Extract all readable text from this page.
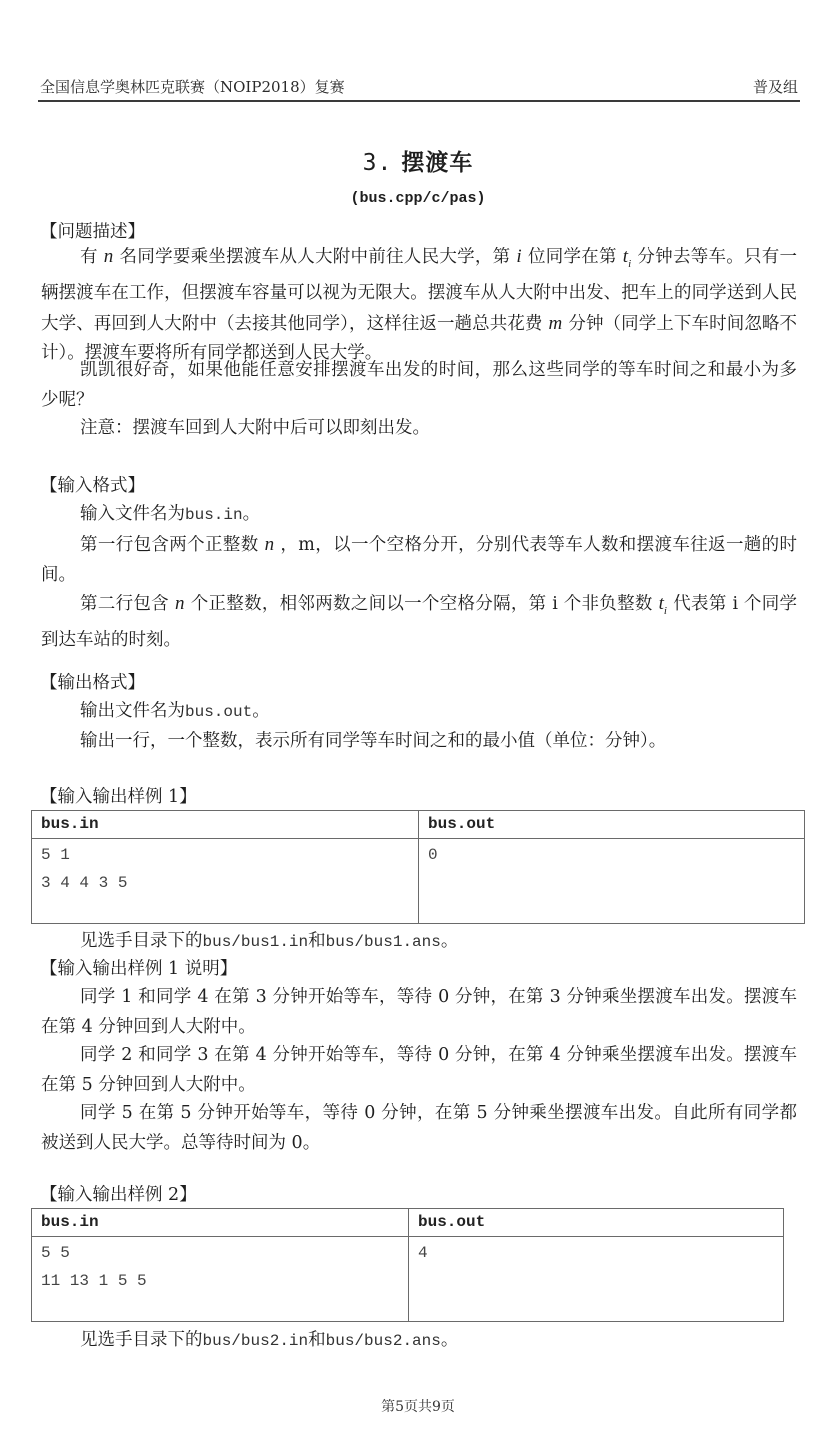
全国信息学奥林匹克联赛（NOIP2018）复赛	普及组
3. 摆渡车
(bus.cpp/c/pas)
【问题描述】
有 n 名同学要乘坐摆渡车从人大附中前往人民大学，第 i 位同学在第 $t_i$ 分钟去等车。只有一辆摆渡车在工作，但摆渡车容量可以视为无限大。摆渡车从人大附中出发、把车上的同学送到人民大学、再回到人大附中（去接其他同学），这样往返一趟总共花费 m 分钟（同学上下车时间忽略不计）。摆渡车要将所有同学都送到人民大学。
凯凯很好奇，如果他能任意安排摆渡车出发的时间，那么这些同学的等车时间之和最小为多少呢？
注意：摆渡车回到人大附中后可以即刻出发。
【输入格式】
输入文件名为bus.in。
第一行包含两个正整数 n ，m，以一个空格分开，分别代表等车人数和摆渡车往返一趟的时间。
第二行包含 n 个正整数，相邻两数之间以一个空格分隔，第 i 个非负整数 $t_i$ 代表第 i 个同学到达车站的时刻。
【输出格式】
输出文件名为bus.out。
输出一行，一个整数，表示所有同学等车时间之和的最小值（单位：分钟）。
【输入输出样例 1】
bus.in	bus.out

5 1
3 4 4 3 5	0
见选手目录下的bus/bus1.in和bus/bus1.ans。
【输入输出样例 1 说明】
同学 1 和同学 4 在第 3 分钟开始等车，等待 0 分钟，在第 3 分钟乘坐摆渡车出发。摆渡车在第 4 分钟回到人大附中。
同学 2 和同学 3 在第 4 分钟开始等车，等待 0 分钟，在第 4 分钟乘坐摆渡车出发。摆渡车在第 5 分钟回到人大附中。
同学 5 在第 5 分钟开始等车，等待 0 分钟，在第 5 分钟乘坐摆渡车出发。自此所有同学都被送到人民大学。总等待时间为 0。
【输入输出样例 2】
bus.in	bus.out

5 5
11 13 1 5 5	4
见选手目录下的bus/bus2.in和bus/bus2.ans。
第5页共9页
